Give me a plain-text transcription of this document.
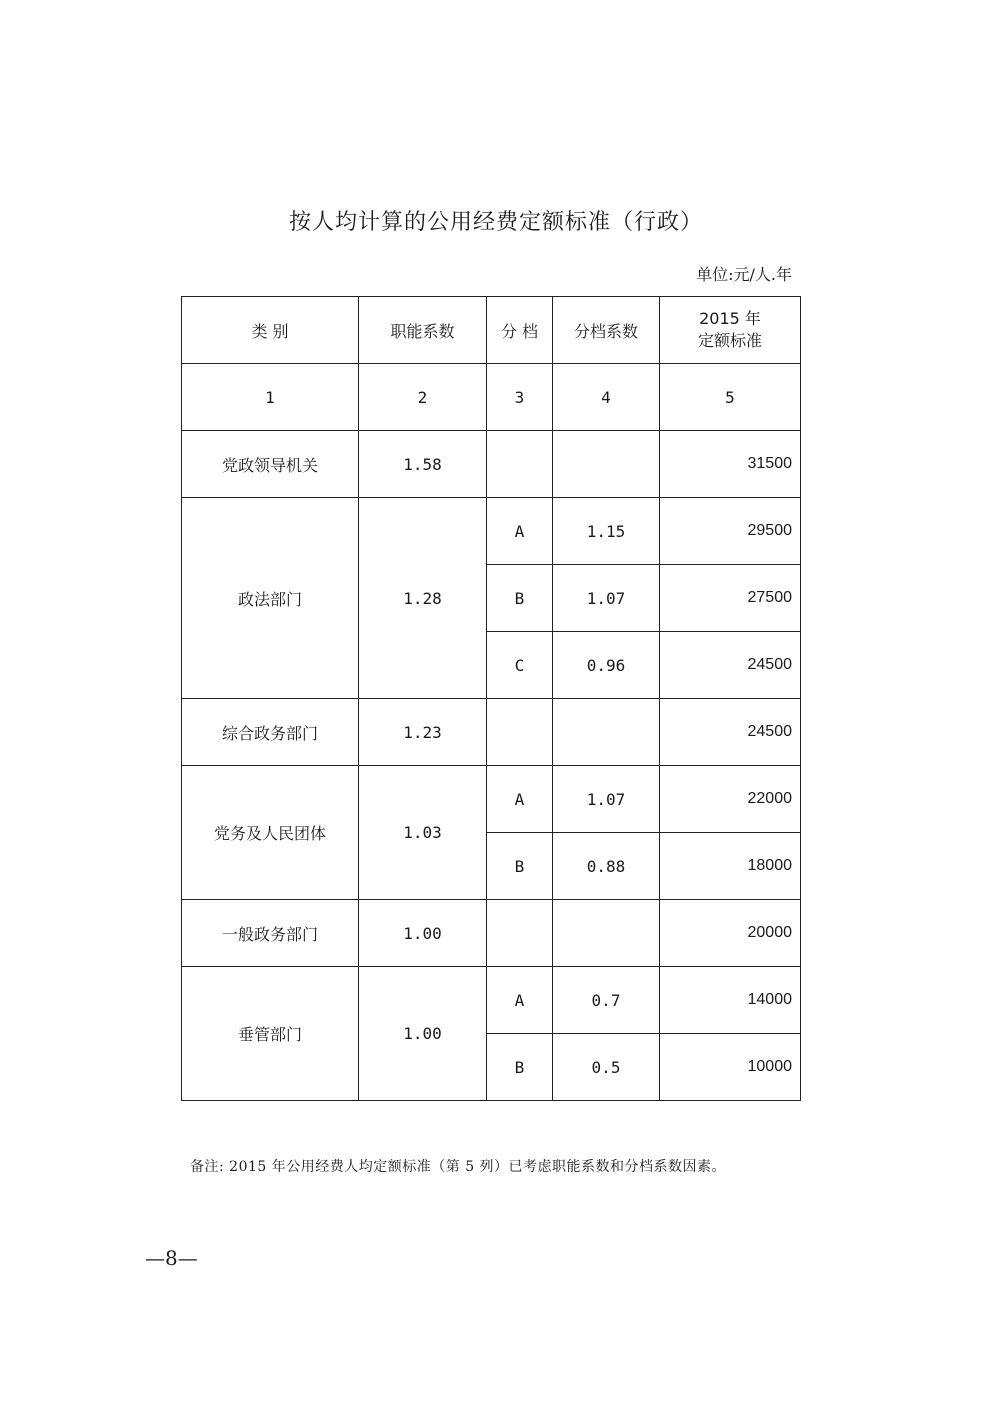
按人均计算的公用经费定额标准（行政）
单位:元/人.年
类 别	职能系数	分 档	分档系数	2015 年
定额标准

1	2	3	4	5
党政领导机关	1.58			31500
政法部门	1.28	A	1.15	29500
		B	1.07	27500
		C	0.96	24500
综合政务部门	1.23			24500
党务及人民团体	1.03	A	1.07	22000
		B	0.88	18000
一般政务部门	1.00			20000
垂管部门	1.00	A	0.7	14000
		B	0.5	10000
备注: 2015 年公用经费人均定额标准（第 5 列）已考虑职能系数和分档系数因素。
—8—
